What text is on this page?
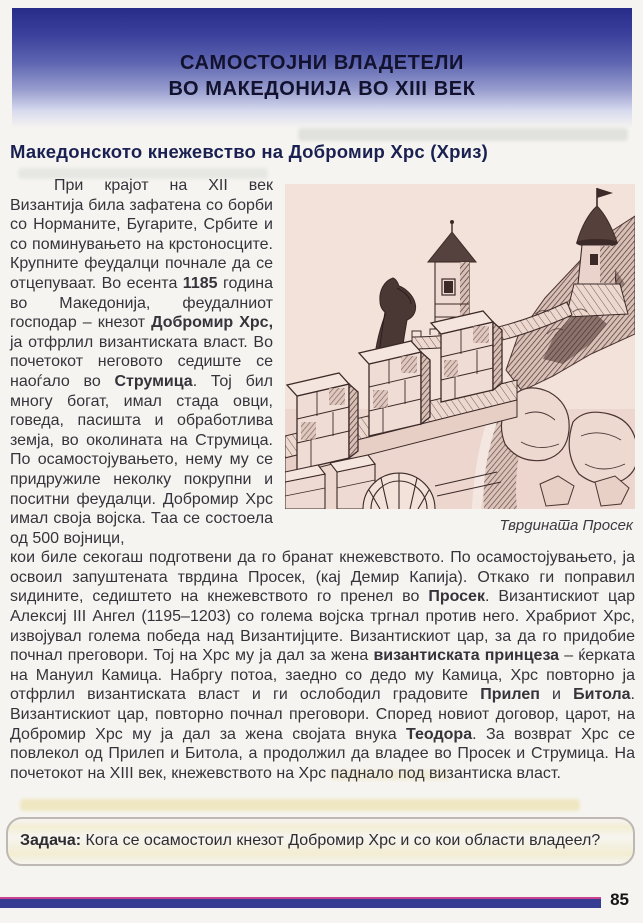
САМОСТОЈНИ ВЛАДЕТЕЛИ
ВО МАКЕДОНИЈА ВО XIII ВЕК
Македонското кнежевство на Добромир Хрс (Хриз)
Тврдината Просек

При крајот на XII век Византија била зафатена со борби со Норманите, Бугарите, Србите и со поминувањето на крстоносците. Крупните феудалци почнале да се отцепуваат. Во есента 1185 година во Македонија, феудалниот господар – кнезот Добромир Хрс, ја отфрлил византиската власт. Во почетокот неговото седиште се наоѓало во Струмица. Тој бил многу богат, имал стада овци, говеда, пасишта и обработлива земја, во околината на Струмица. По осамостојувањето, нему му се придружиле неколку покрупни и поситни феудалци. Добромир Хрс имал своја војска. Таа се состоела од 500 војници,

кои биле секогаш подготвени да го бранат кнежевството. По осамостојувањето, ја освоил запуштената тврдина Просек, (кај Демир Капија). Откако ги поправил ѕидините, седиштето на кнежевството го пренел во Просек. Византискиот цар Алексиј III Ангел (1195–1203) со голема војска тргнал против него. Храбриот Хрс, извојувал голема победа над Византијците. Византискиот цар, за да го придобие почнал преговори. Тој на Хрс му ја дал за жена византиската принцеза – ќерката на Мануил Камица. Набргу потоа, заедно со дедо му Камица, Хрс повторно ја отфрлил византиската власт и ги ослободил градовите Прилеп и Битола. Византискиот цар, повторно почнал преговори. Според новиот договор, царот, на Добромир Хрс му ја дал за жена својата внука Теодора. За возврат Хрс се повлекол од Прилеп и Битола, а продолжил да владее во Просек и Струмица. На почетокот на XIII век, кнежевството на Хрс паднало под византиска власт.

Задача: Кога се осамостоил кнезот Добромир Хрс и со кои области владеел?
85
